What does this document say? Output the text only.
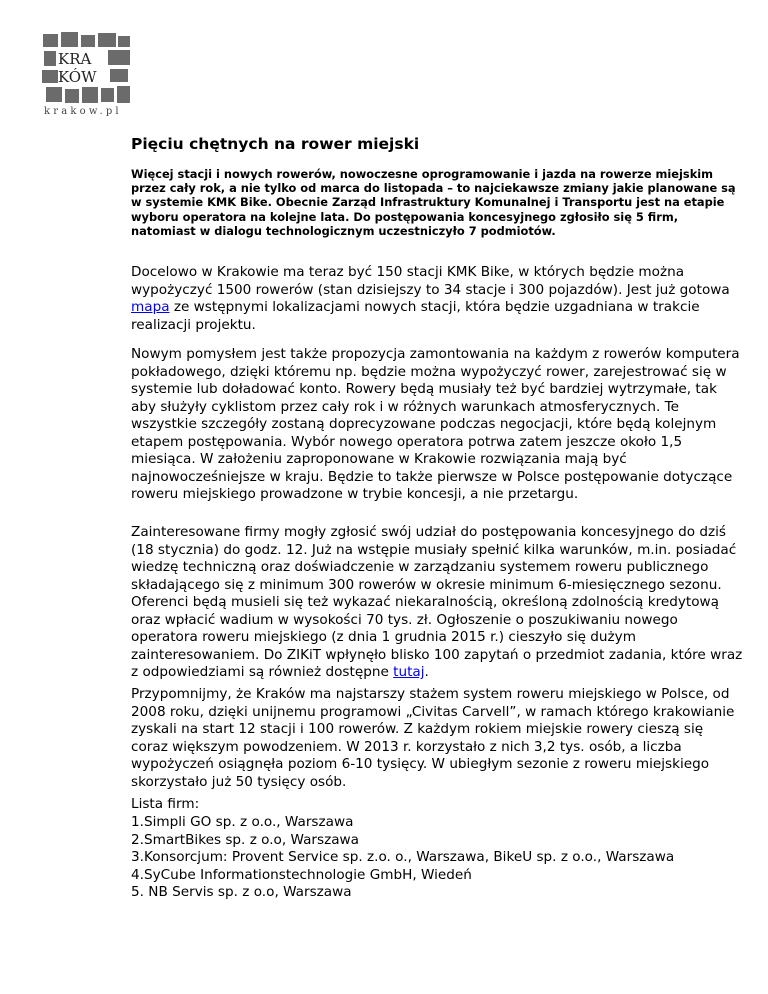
KRA
KÓW
krakow.pl
Pięciu chętnych na rower miejski

Więcej stacji i nowych rowerów, nowoczesne oprogramowanie i jazda na rowerze miejskim przez cały rok, a nie tylko od marca do listopada – to najciekawsze zmiany jakie planowane są w systemie KMK Bike. Obecnie Zarząd Infrastruktury Komunalnej i Transportu jest na etapie wyboru operatora na kolejne lata. Do postępowania koncesyjnego zgłosiło się 5 firm, natomiast w dialogu technologicznym uczestniczyło 7 podmiotów.

Docelowo w Krakowie ma teraz być 150 stacji KMK Bike, w których będzie można wypożyczyć 1500 rowerów (stan dzisiejszy to 34 stacje i 300 pojazdów). Jest już gotowa mapa ze wstępnymi lokalizacjami nowych stacji, która będzie uzgadniana w trakcie realizacji projektu.

Nowym pomysłem jest także propozycja zamontowania na każdym z rowerów komputera pokładowego, dzięki któremu np. będzie można wypożyczyć rower, zarejestrować się w systemie lub doładować konto. Rowery będą musiały też być bardziej wytrzymałe, tak aby służyły cyklistom przez cały rok i w różnych warunkach atmosferycznych. Te wszystkie szczegóły zostaną doprecyzowane podczas negocjacji, które będą kolejnym etapem postępowania. Wybór nowego operatora potrwa zatem jeszcze około 1,5 miesiąca. W założeniu zaproponowane w Krakowie rozwiązania mają być najnowocześniejsze w kraju. Będzie to także pierwsze w Polsce postępowanie dotyczące roweru miejskiego prowadzone w trybie koncesji, a nie przetargu.

Zainteresowane firmy mogły zgłosić swój udział do postępowania koncesyjnego do dziś (18 stycznia) do godz. 12. Już na wstępie musiały spełnić kilka warunków, m.in. posiadać wiedzę techniczną oraz doświadczenie w zarządzaniu systemem roweru publicznego składającego się z minimum 300 rowerów w okresie minimum 6-miesięcznego sezonu. Oferenci będą musieli się też wykazać niekaralnością, określoną zdolnością kredytową oraz wpłacić wadium w wysokości 70 tys. zł. Ogłoszenie o poszukiwaniu nowego operatora roweru miejskiego (z dnia 1 grudnia 2015 r.) cieszyło się dużym zainteresowaniem. Do ZIKiT wpłynęło blisko 100 zapytań o przedmiot zadania, które wraz z odpowiedziami są również dostępne tutaj.

Przypomnijmy, że Kraków ma najstarszy stażem system roweru miejskiego w Polsce, od 2008 roku, dzięki unijnemu programowi „Civitas Carvell”, w ramach którego krakowianie zyskali na start 12 stacji i 100 rowerów. Z każdym rokiem miejskie rowery cieszą się coraz większym powodzeniem. W 2013 r. korzystało z nich 3,2 tys. osób, a liczba wypożyczeń osiągnęła poziom 6-10 tysięcy. W ubiegłym sezonie z roweru miejskiego skorzystało już 50 tysięcy osób.

Lista firm:

1.Simpli GO sp. z o.o., Warszawa

2.SmartBikes sp. z o.o, Warszawa

3.Konsorcjum: Provent Service sp. z.o. o., Warszawa, BikeU sp. z o.o., Warszawa

4.SyCube Informationstechnologie GmbH, Wiedeń

5. NB Servis sp. z o.o, Warszawa
